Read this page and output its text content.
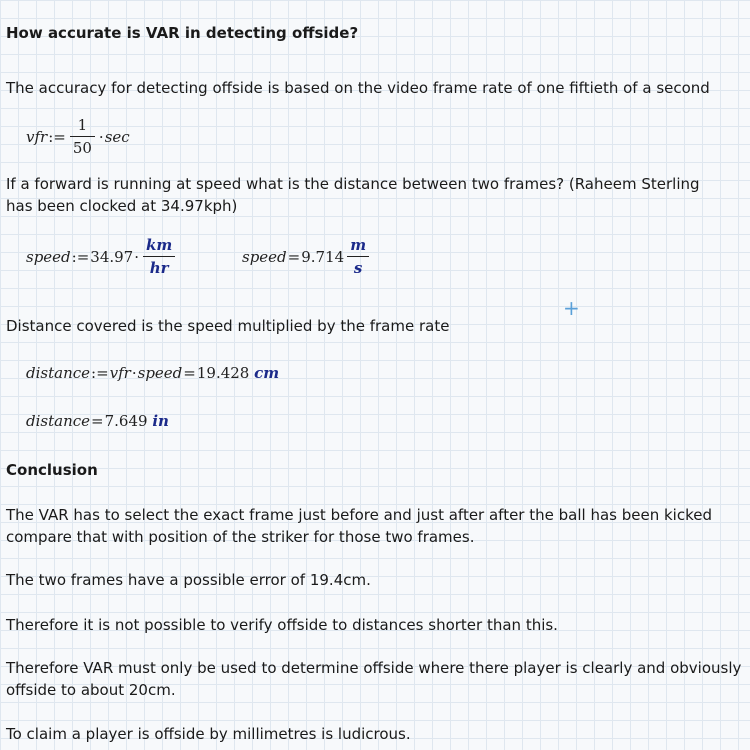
How accurate is VAR in detecting offside?
The accuracy for detecting offside is based on the video frame rate of one fiftieth of a second
vfr := $\frac{1}{50} \cdot \sec$
If a forward is running at speed what is the distance between two frames? (Raheem Sterling
has been clocked at 34.97kph)
speed := $34.97 \cdot \frac{km}{hr}$	speed = $9.714 \frac{m}{s}$
+
Distance covered is the speed multiplied by the frame rate
distance := vfr · speed = 19.428
cm
distance = 7.649
in
Conclusion
The VAR has to select the exact frame just before and just after after the ball has been kicked
compare that with position of the striker for those two frames.
The two frames have a possible error of 19.4cm.
Therefore it is not possible to verify offside to distances shorter than this.
Therefore VAR must only be used to determine offside where there player is clearly and obviously
offside to about 20cm.
To claim a player is offside by millimetres is ludicrous.
